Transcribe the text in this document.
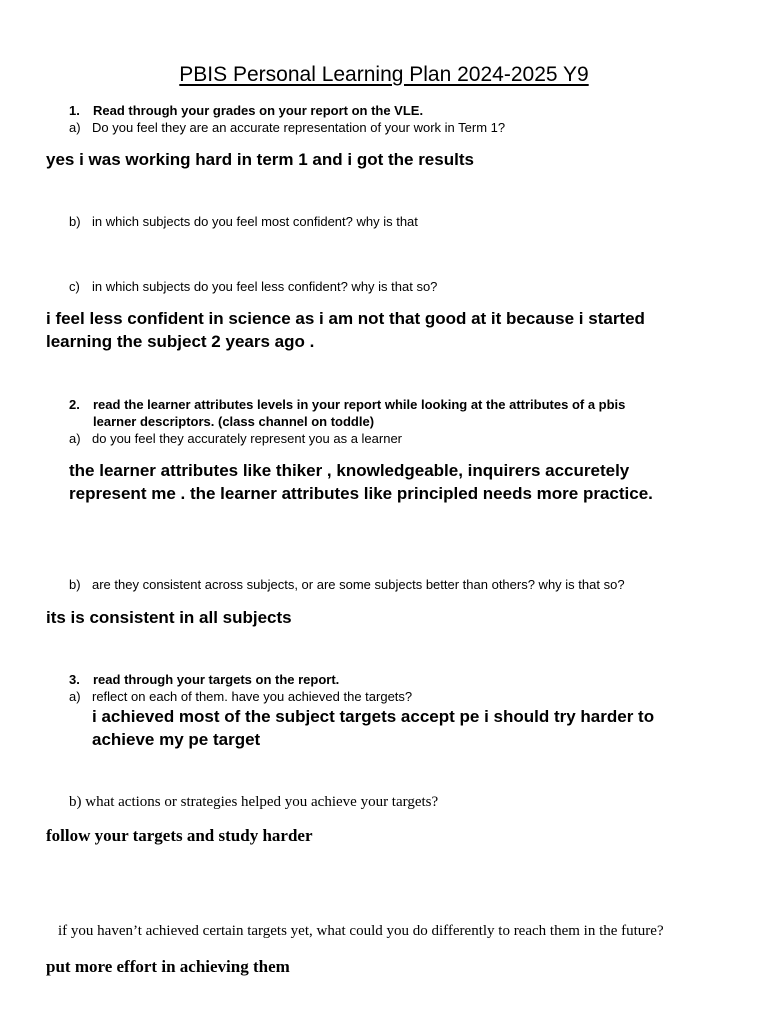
PBIS Personal Learning Plan 2024-2025 Y9
1. Read through your grades on your report on the VLE.
a) Do you feel they are an accurate representation of your work in Term 1?
yes i was working hard in term 1 and i got the results
b) in which subjects do you feel most confident? why is that
c) in which subjects do you feel less confident? why is that so?
i feel less confident in science as i am not that good at it because i started
learning the subject 2 years ago .
2. read the learner attributes levels in your report while looking at the attributes of a pbis
learner descriptors. (class channel on toddle)
a) do you feel they accurately represent you as a learner
the learner attributes like thiker , knowledgeable, inquirers accuretely
represent me . the learner attributes like principled needs more practice.
b) are they consistent across subjects, or are some subjects better than others? why is that so?
its is consistent in all subjects
3. read through your targets on the report.
a) reflect on each of them. have you achieved the targets?
i achieved most of the subject targets accept pe i should try harder to
achieve my pe target
b) what actions or strategies helped you achieve your targets?
follow your targets and study harder
if you haven’t achieved certain targets yet, what could you do differently to reach them in the future?
put more effort in achieving them
